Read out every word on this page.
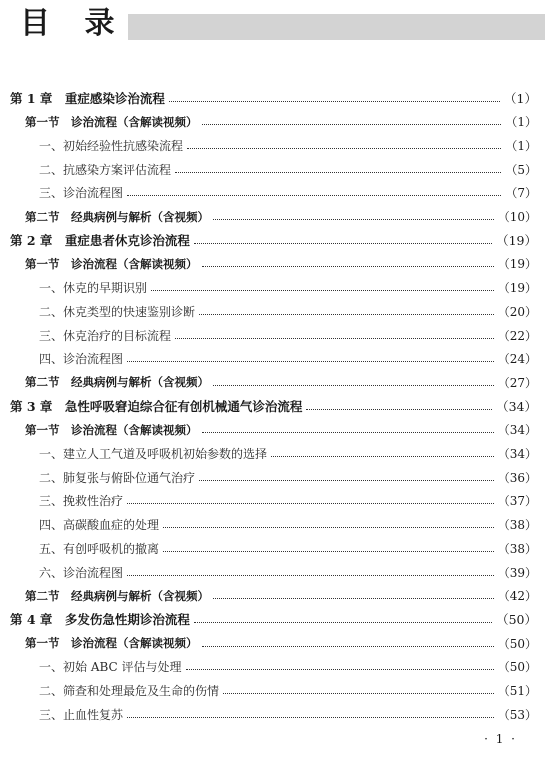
目 录
第 1 章　重症感染诊治流程	（1）
第一节　诊治流程（含解读视频）	（1）
一、初始经验性抗感染流程	（1）
二、抗感染方案评估流程	（5）
三、诊治流程图	（7）
第二节　经典病例与解析（含视频）	（10）
第 2 章　重症患者休克诊治流程	（19）
第一节　诊治流程（含解读视频）	（19）
一、休克的早期识别	（19）
二、休克类型的快速鉴别诊断	（20）
三、休克治疗的目标流程	（22）
四、诊治流程图	（24）
第二节　经典病例与解析（含视频）	（27）
第 3 章　急性呼吸窘迫综合征有创机械通气诊治流程	（34）
第一节　诊治流程（含解读视频）	（34）
一、建立人工气道及呼吸机初始参数的选择	（34）
二、肺复张与俯卧位通气治疗	（36）
三、挽救性治疗	（37）
四、高碳酸血症的处理	（38）
五、有创呼吸机的撤离	（38）
六、诊治流程图	（39）
第二节　经典病例与解析（含视频）	（42）
第 4 章　多发伤急性期诊治流程	（50）
第一节　诊治流程（含解读视频）	（50）
一、初始 ABC 评估与处理	（50）
二、筛查和处理最危及生命的伤情	（51）
三、止血性复苏	（53）
· 1 ·
